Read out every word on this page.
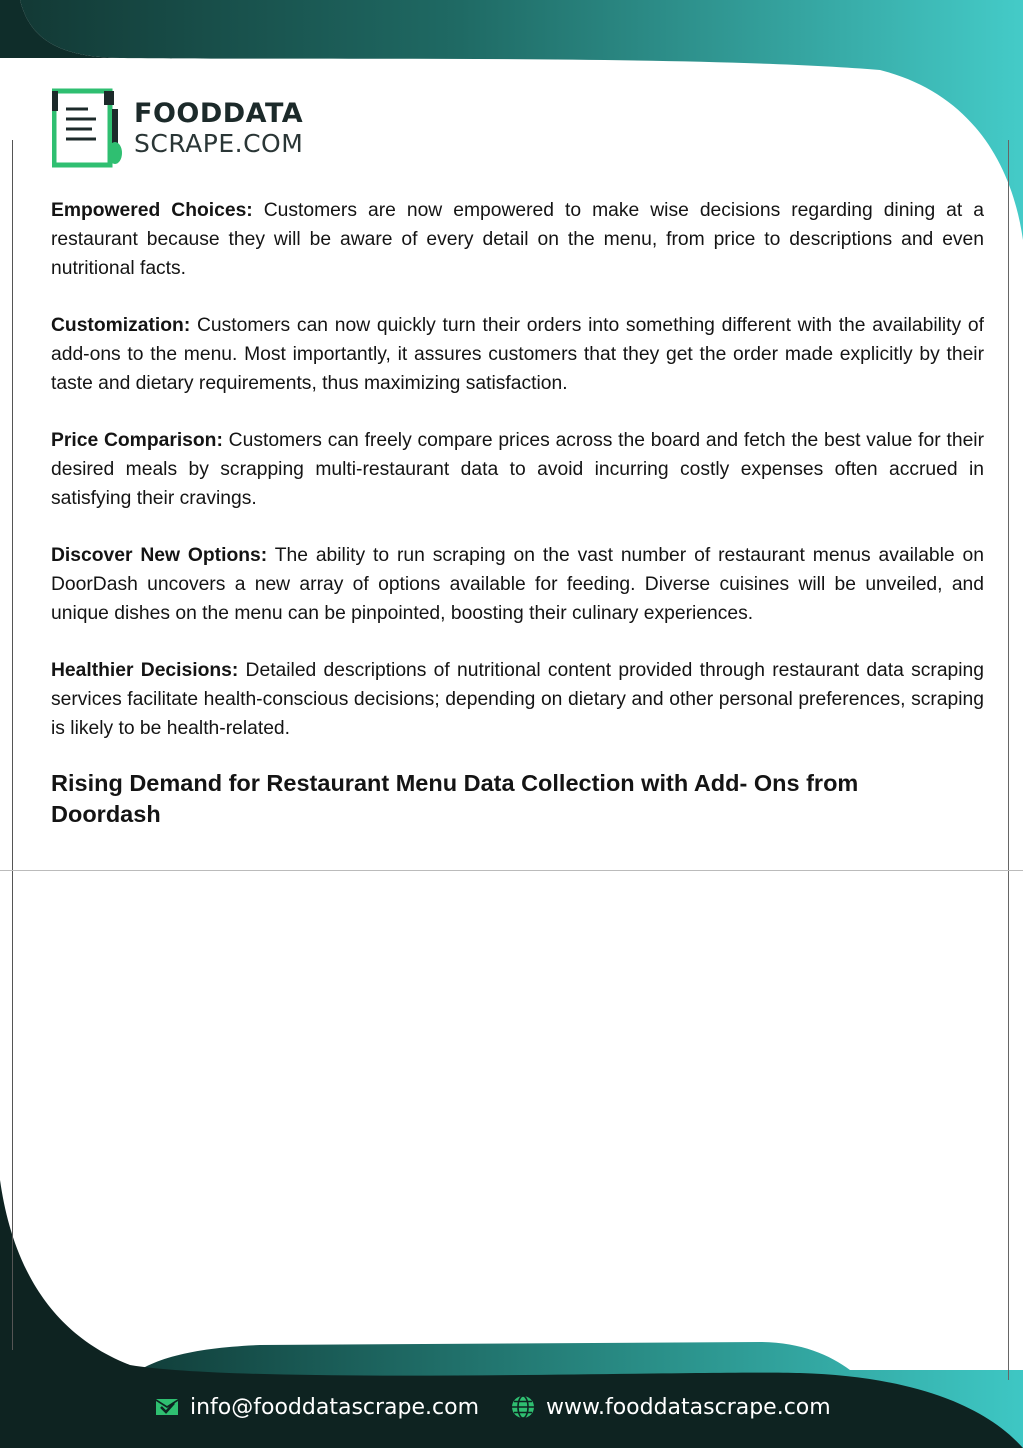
FOODDATA
SCRAPE.COM

Empowered Choices: Customers are now empowered to make wise decisions regarding dining at a restaurant because they will be aware of every detail on the menu, from price to descriptions and even nutritional facts.

Customization: Customers can now quickly turn their orders into something different with the availability of add-ons to the menu. Most importantly, it assures customers that they get the order made explicitly by their taste and dietary requirements, thus maximizing satisfaction.

Price Comparison: Customers can freely compare prices across the board and fetch the best value for their desired meals by scrapping multi-restaurant data to avoid incurring costly expenses often accrued in satisfying their cravings.

Discover New Options: The ability to run scraping on the vast number of restaurant menus available on DoorDash uncovers a new array of options available for feeding. Diverse cuisines will be unveiled, and unique dishes on the menu can be pinpointed, boosting their culinary experiences.

Healthier Decisions: Detailed descriptions of nutritional content provided through restaurant data scraping services facilitate health-conscious decisions; depending on dietary and other personal preferences, scraping is likely to be health-related.

Rising Demand for Restaurant Menu Data Collection with Add- Ons from Doordash
info@fooddatascrape.com	www.fooddatascrape.com
